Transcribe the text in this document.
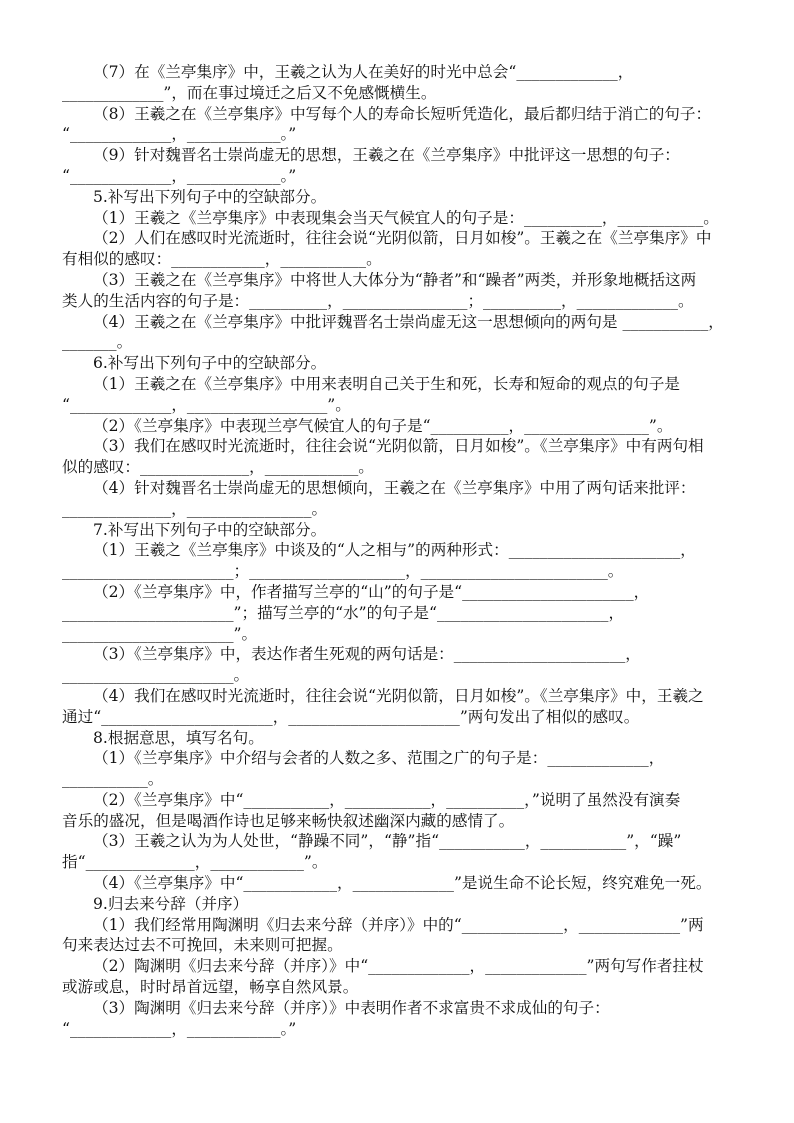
（7）在《兰亭集序》中，王羲之认为人在美好的时光中总会“_____________，
_____________”，而在事过境迁之后又不免感慨横生。
（8）王羲之在《兰亭集序》中写每个人的寿命长短听凭造化，最后都归结于消亡的句子：
“_____________，____________。”
（9）针对魏晋名士崇尚虚无的思想，王羲之在《兰亭集序》中批评这一思想的句子：
“_____________，____________。”
5.补写出下列句子中的空缺部分。
（1）王羲之《兰亭集序》中表现集会当天气候宜人的句子是：__________，___________。
（2）人们在感叹时光流逝时，往往会说“光阴似箭，日月如梭”。王羲之在《兰亭集序》中
有相似的感叹：____________，___________。
（3）王羲之在《兰亭集序》中将世人大体分为“静者”和“躁者”两类，并形象地概括这两
类人的生活内容的句子是：__________，________________；__________，_____________。
（4）王羲之在《兰亭集序》中批评魏晋名士崇尚虚无这一思想倾向的两句是 ___________，
_______。
6.补写出下列句子中的空缺部分。
（1）王羲之在《兰亭集序》中用来表明自己关于生和死，长寿和短命的观点的句子是
“_____________，__________________”。
（2）《兰亭集序》中表现兰亭气候宜人的句子是“__________，________________”。
（3）我们在感叹时光流逝时，往往会说“光阴似箭，日月如梭”。《兰亭集序》中有两句相
似的感叹：______________，____________。
（4）针对魏晋名士崇尚虚无的思想倾向，王羲之在《兰亭集序》中用了两句话来批评：
______________，________________。
7.补写出下列句子中的空缺部分。
（1）王羲之《兰亭集序》中谈及的“人之相与”的两种形式：______________________，
______________________；____________________，________________________。
（2）《兰亭集序》中，作者描写兰亭的“山”的句子是“______________________，
______________________”；描写兰亭的“水”的句子是“______________________，
______________________”。
（3）《兰亭集序》中，表达作者生死观的两句话是：______________________，
______________________。
（4）我们在感叹时光流逝时，往往会说“光阴似箭，日月如梭”。《兰亭集序》中，王羲之
通过“______________________，______________________”两句发出了相似的感叹。
8.根据意思，填写名句。
（1）《兰亭集序》中介绍与会者的人数之多、范围之广的句子是：_____________，
___________。
（2）《兰亭集序》中“___________，___________，__________，”说明了虽然没有演奏
音乐的盛况，但是喝酒作诗也足够来畅快叙述幽深内藏的感情了。
（3）王羲之认为为人处世，“静躁不同”，“静”指“___________，___________”，“躁”
指“______________，____________”。
（4）《兰亭集序》中“____________，_____________”是说生命不论长短，终究难免一死。
9.归去来兮辞（并序）
（1）我们经常用陶渊明《归去来兮辞（并序）》中的“_____________，_____________”两
句来表达过去不可挽回，未来则可把握。
（2）陶渊明《归去来兮辞（并序）》中“_____________，_____________”两句写作者拄杖
或游或息，时时昂首远望，畅享自然风景。
（3）陶渊明《归去来兮辞（并序）》中表明作者不求富贵不求成仙的句子：
“_____________，____________。”
